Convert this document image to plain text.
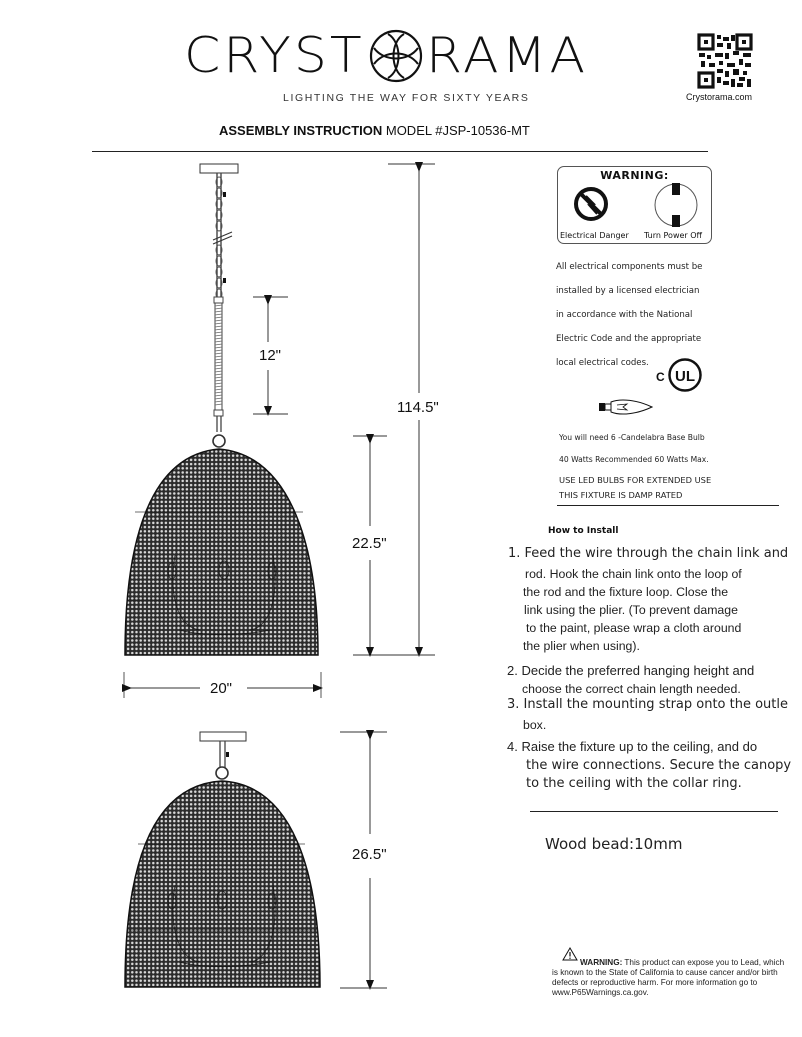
CRYST RAMA
LIGHTING THE WAY FOR SIXTY YEARS	Crystorama.com
ASSEMBLY INSTRUCTION MODEL #JSP-10536-MT
12"
114.5"
22.5"
20"
26.5"
WARNING:
Electrical Danger Turn Power Off
All electrical components must be
installed by a licensed electrician
in accordance with the National
Electric Code and the appropriate
local electrical codes.
C UL
You will need 6 -Candelabra Base Bulb
40 Watts Recommended 60 Watts Max.
USE LED BULBS FOR EXTENDED USE
THIS FIXTURE IS DAMP RATED
How to Install
1. Feed the wire through the chain link and
rod. Hook the chain link onto the loop of
the rod and the fixture loop. Close the
link using the plier. (To prevent damage
to the paint, please wrap a cloth around
the plier when using).
2. Decide the preferred hanging height and
choose the correct chain length needed.
3. Install the mounting strap onto the outle
box.
4. Raise the fixture up to the ceiling, and do
the wire connections. Secure the canopy
to the ceiling with the collar ring.
Wood bead:10mm
WARNING: This product can expose you to Lead, which is known to the State of California to cause cancer and/or birth defects or reproductive harm. For more information go to www.P65Warnings.ca.gov.
